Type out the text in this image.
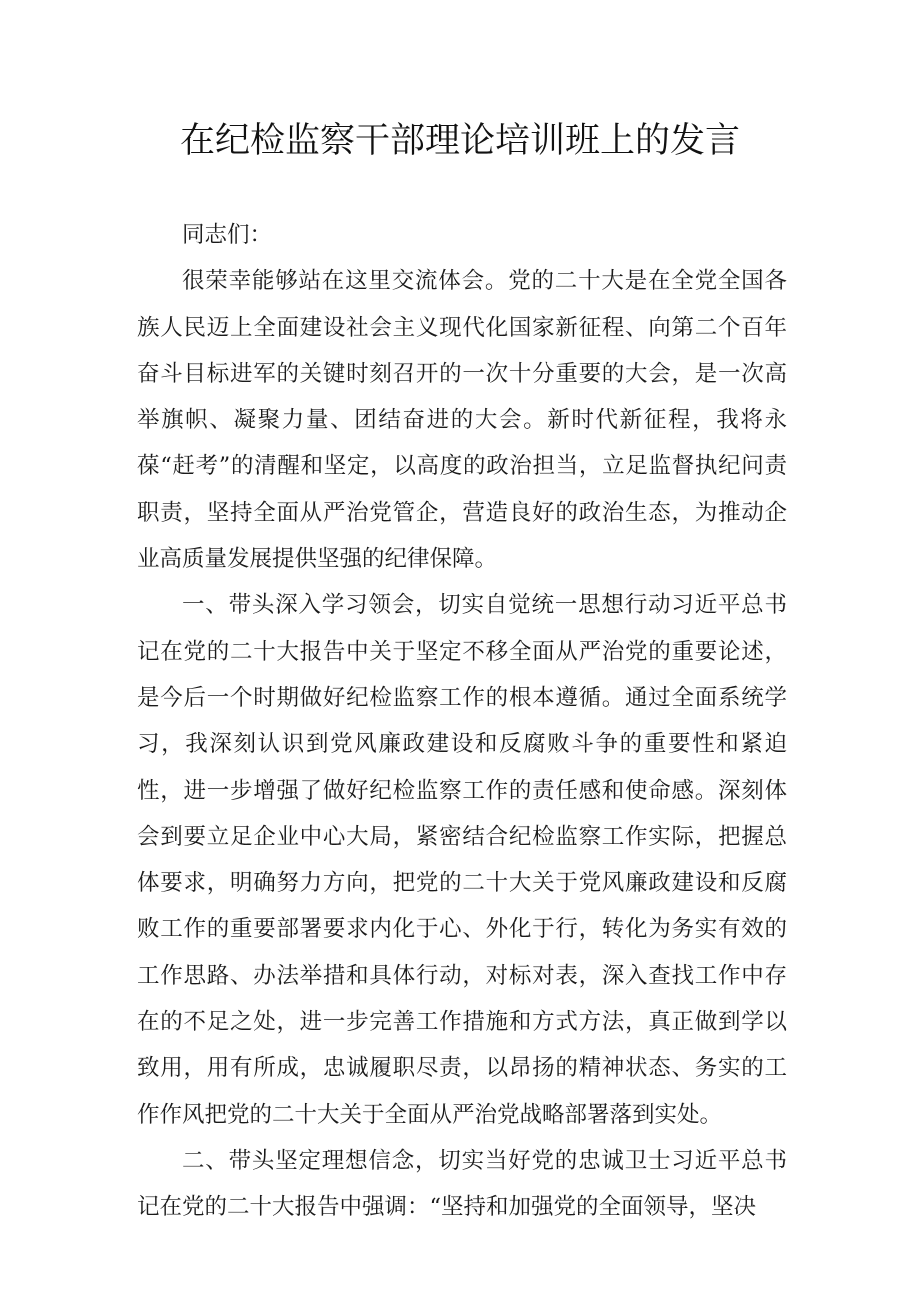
在纪检监察干部理论培训班上的发言

同志们：

很荣幸能够站在这里交流体会。党的二十大是在全党全国各族人民迈上全面建设社会主义现代化国家新征程、向第二个百年奋斗目标进军的关键时刻召开的一次十分重要的大会，是一次高举旗帜、凝聚力量、团结奋进的大会。新时代新征程，我将永葆“赶考”的清醒和坚定，以高度的政治担当，立足监督执纪问责职责，坚持全面从严治党管企，营造良好的政治生态，为推动企业高质量发展提供坚强的纪律保障。

一、带头深入学习领会，切实自觉统一思想行动习近平总书记在党的二十大报告中关于坚定不移全面从严治党的重要论述，是今后一个时期做好纪检监察工作的根本遵循。通过全面系统学习，我深刻认识到党风廉政建设和反腐败斗争的重要性和紧迫性，进一步增强了做好纪检监察工作的责任感和使命感。深刻体会到要立足企业中心大局，紧密结合纪检监察工作实际，把握总体要求，明确努力方向，把党的二十大关于党风廉政建设和反腐败工作的重要部署要求内化于心、外化于行，转化为务实有效的工作思路、办法举措和具体行动，对标对表，深入查找工作中存在的不足之处，进一步完善工作措施和方式方法，真正做到学以致用，用有所成，忠诚履职尽责，以昂扬的精神状态、务实的工作作风把党的二十大关于全面从严治党战略部署落到实处。

二、带头坚定理想信念，切实当好党的忠诚卫士习近平总书记在党的二十大报告中强调：“坚持和加强党的全面领导，坚决
